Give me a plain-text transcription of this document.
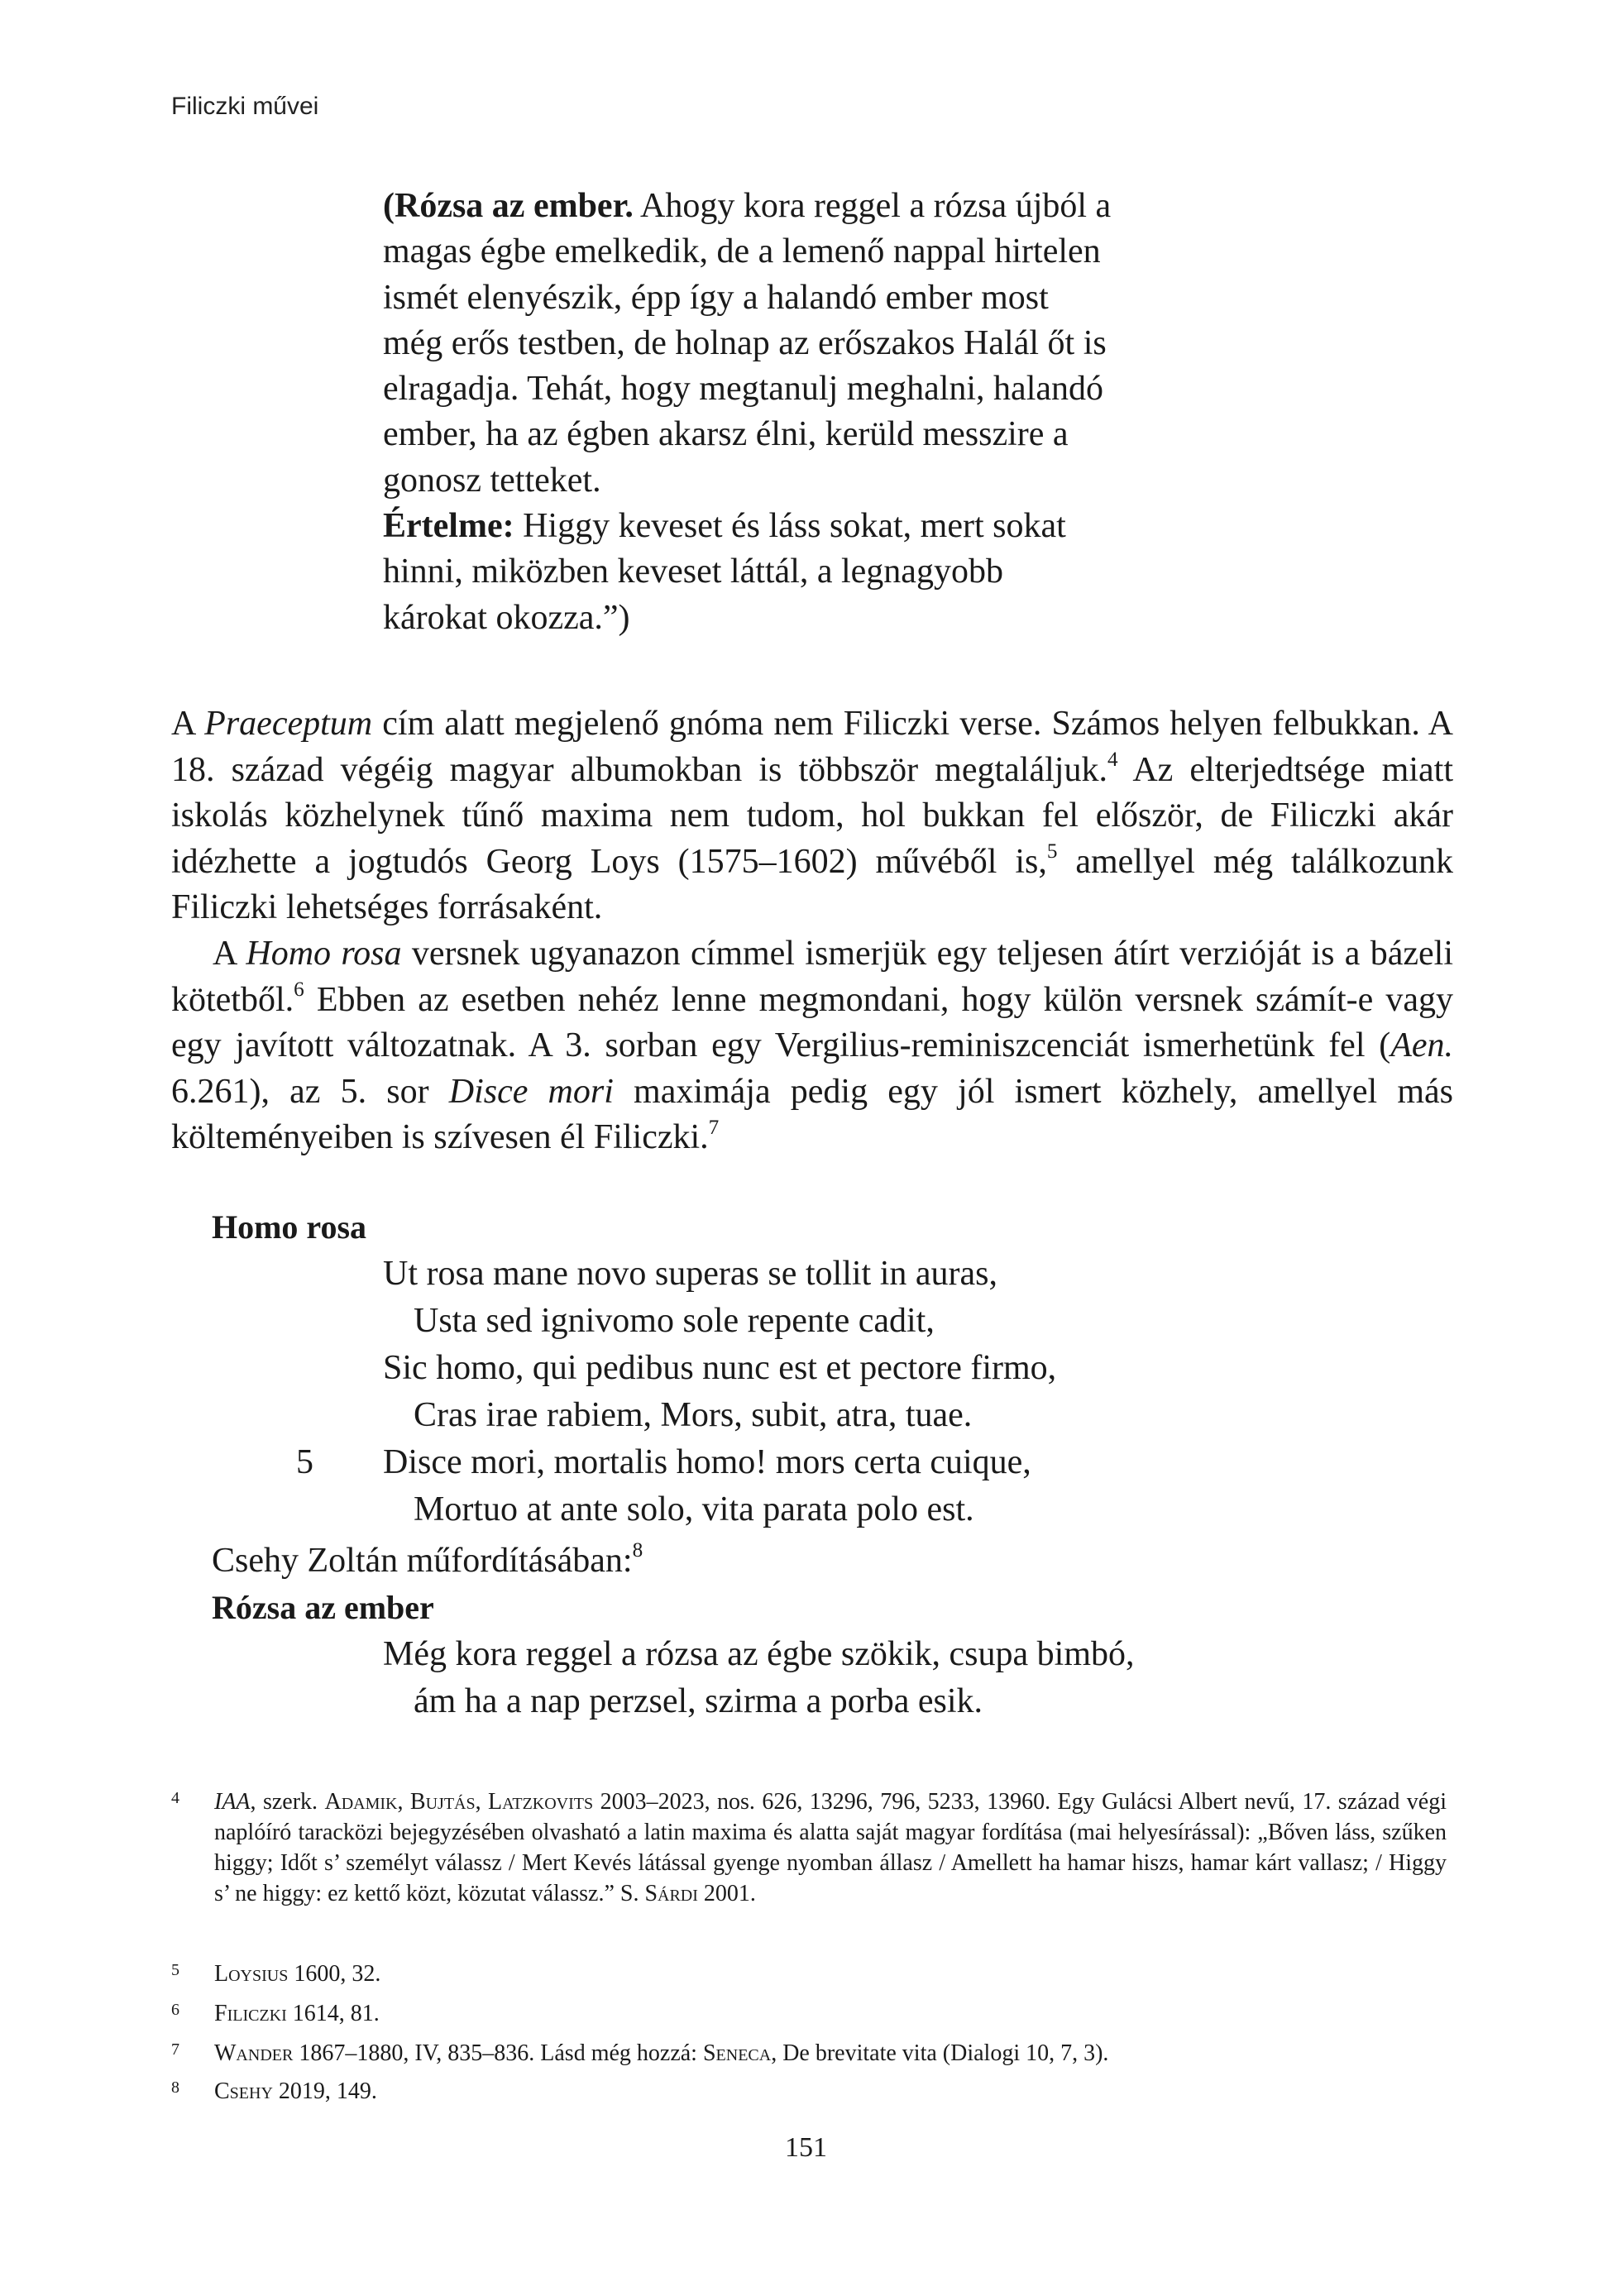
Filiczki művei
(Rózsa az ember. Ahogy kora reggel a rózsa újból a
magas égbe emelkedik, de a lemenő nappal hirtelen
ismét elenyészik, épp így a halandó ember most
még erős testben, de holnap az erőszakos Halál őt is
elragadja. Tehát, hogy megtanulj meghalni, halandó
ember, ha az égben akarsz élni, kerüld messzire a
gonosz tetteket.
Értelme: Higgy keveset és láss sokat, mert sokat
hinni, miközben keveset láttál, a legnagyobb
károkat okozza.”)

A Praeceptum cím alatt megjelenő gnóma nem Filiczki verse. Számos helyen felbukkan. A 18. század végéig magyar albumokban is többször megtaláljuk.$^4$ Az elterjedtsége miatt iskolás közhelynek tűnő maxima nem tudom, hol bukkan fel először, de Filiczki akár idézhette a jogtudós Georg Loys (1575–1602) művéből is,$^5$ amellyel még találkozunk Filiczki lehetséges forrásaként.

A Homo rosa versnek ugyanazon címmel ismerjük egy teljesen átírt verzióját is a bázeli kötetből.$^6$ Ebben az esetben nehéz lenne megmondani, hogy külön versnek számít-e vagy egy javított változatnak. A 3. sorban egy Vergilius-reminiszcenciát ismerhetünk fel (Aen. 6.261), az 5. sor Disce mori maximája pedig egy jól ismert közhely, amellyel más költeményeiben is szívesen él Filiczki.$^7$

Homo rosa
Ut rosa mane novo superas se tollit in auras,
Usta sed ignivomo sole repente cadit,
Sic homo, qui pedibus nunc est et pectore firmo,
Cras irae rabiem, Mors, subit, atra, tuae.
5 Disce mori, mortalis homo! mors certa cuique,
Mortuo at ante solo, vita parata polo est.
Csehy Zoltán műfordításában:$^8$
Rózsa az ember
Még kora reggel a rózsa az égbe szökik, csupa bimbó,
ám ha a nap perzsel, szirma a porba esik.
4 IAA, szerk. Adamik, Bujtás, Latzkovits 2003–2023, nos. 626, 13296, 796, 5233, 13960. Egy Gulácsi Albert nevű, 17. század végi naplóíró taracközi bejegyzésében olvasható a latin maxima és alatta saját magyar fordítása (mai helyesírással): „Bőven láss, szűken higgy; Időt s’ személyt válassz / Mert Kevés látással gyenge nyomban állasz / Amellett ha hamar hiszs, hamar kárt vallasz; / Higgy s’ ne higgy: ez kettő közt, közutat válassz.” S. Sárdi 2001.
5 Loysius 1600, 32.
6 Filiczki 1614, 81.
7 Wander 1867–1880, IV, 835–836. Lásd még hozzá: Seneca, De brevitate vita (Dialogi 10, 7, 3).
8 Csehy 2019, 149.
151
